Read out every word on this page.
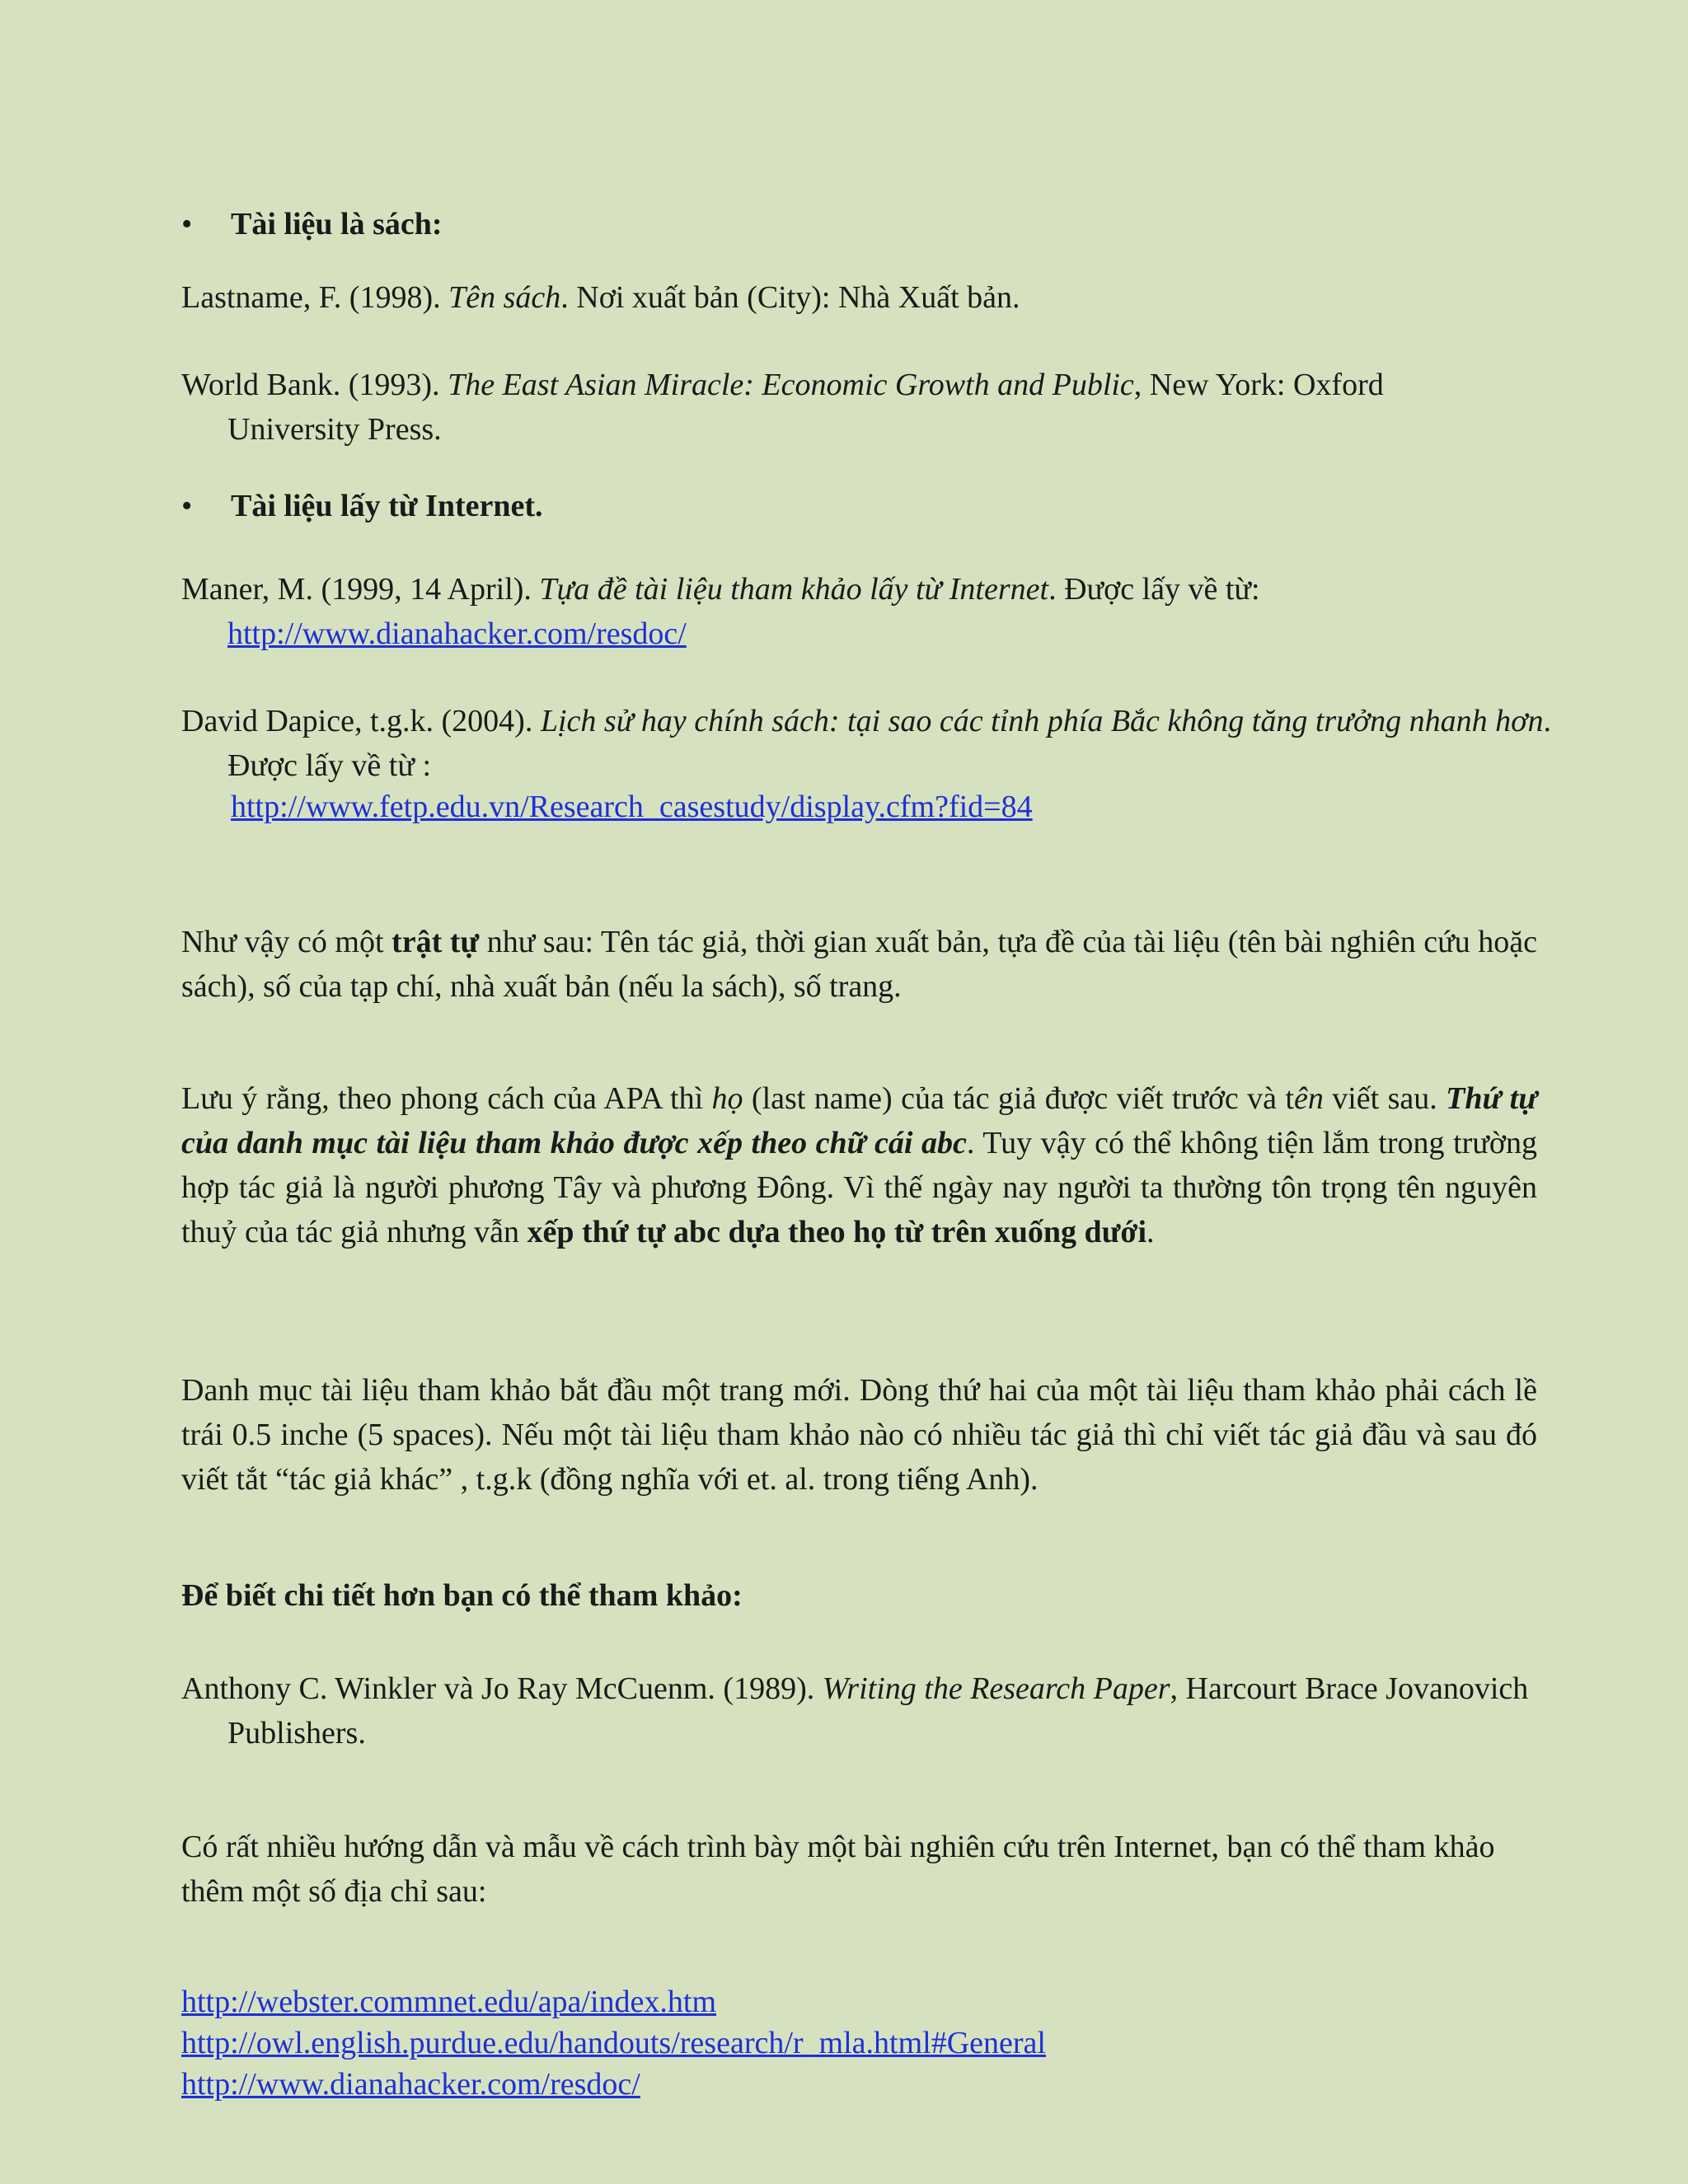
• Tài liệu là sách:

Lastname, F. (1998). Tên sách. Nơi xuất bản (City): Nhà Xuất bản.

World Bank. (1993). The East Asian Miracle: Economic Growth and Public, New York: Oxford University Press.

• Tài liệu lấy từ Internet.

Maner, M. (1999, 14 April). Tựa đề tài liệu tham khảo lấy từ Internet. Được lấy về từ:

http://www.dianahacker.com/resdoc/

David Dapice, t.g.k. (2004). Lịch sử hay chính sách: tại sao các tỉnh phía Bắc không tăng trưởng nhanh hơn. Được lấy về từ :

http://www.fetp.edu.vn/Research_casestudy/display.cfm?fid=84

Như vậy có một trật tự như sau: Tên tác giả, thời gian xuất bản, tựa đề của tài liệu (tên bài nghiên cứu hoặc sách), số của tạp chí, nhà xuất bản (nếu la sách), số trang.

Lưu ý rằng, theo phong cách của APA thì họ (last name) của tác giả được viết trước và tên viết sau. Thứ tự của danh mục tài liệu tham khảo được xếp theo chữ cái abc. Tuy vậy có thể không tiện lắm trong trường hợp tác giả là người phương Tây và phương Đông. Vì thế ngày nay người ta thường tôn trọng tên nguyên thuỷ của tác giả nhưng vẫn xếp thứ tự abc dựa theo họ từ trên xuống dưới.

Danh mục tài liệu tham khảo bắt đầu một trang mới. Dòng thứ hai của một tài liệu tham khảo phải cách lề trái 0.5 inche (5 spaces). Nếu một tài liệu tham khảo nào có nhiều tác giả thì chỉ viết tác giả đầu và sau đó viết tắt “tác giả khác” , t.g.k (đồng nghĩa với et. al. trong tiếng Anh).

Để biết chi tiết hơn bạn có thể tham khảo:

Anthony C. Winkler và Jo Ray McCuenm. (1989). Writing the Research Paper, Harcourt Brace Jovanovich Publishers.

Có rất nhiều hướng dẫn và mẫu về cách trình bày một bài nghiên cứu trên Internet, bạn có thể tham khảo thêm một số địa chỉ sau:

http://webster.commnet.edu/apa/index.htm
http://owl.english.purdue.edu/handouts/research/r_mla.html#General
http://www.dianahacker.com/resdoc/
